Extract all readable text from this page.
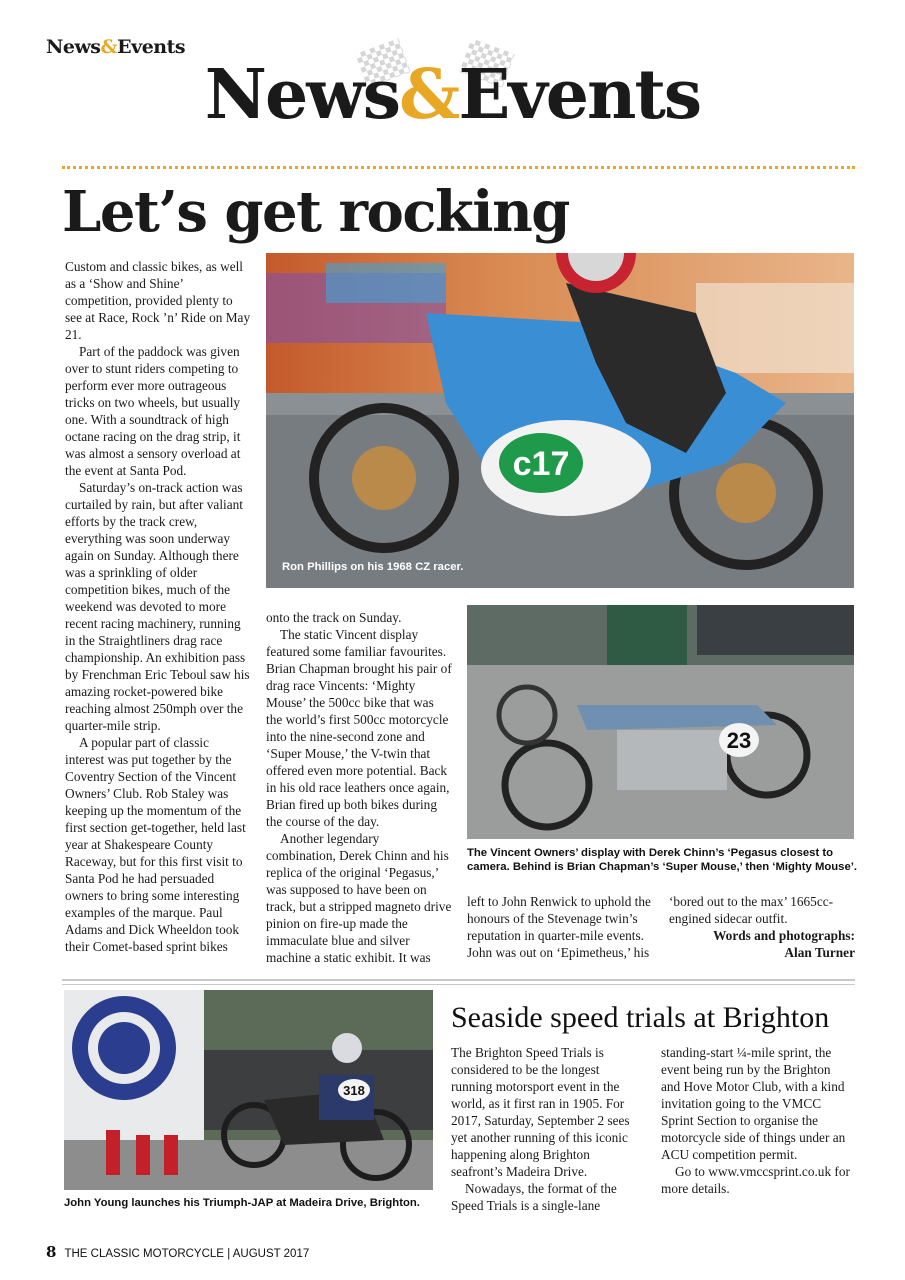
News&Events
News&Events
Let’s get rocking

Custom and classic bikes, as well as a ‘Show and Shine’ competition, provided plenty to see at Race, Rock ’n’ Ride on May 21.

Part of the paddock was given over to stunt riders competing to perform ever more outrageous tricks on two wheels, but usually one. With a soundtrack of high octane racing on the drag strip, it was almost a sensory overload at the event at Santa Pod.

Saturday’s on-track action was curtailed by rain, but after valiant efforts by the track crew, everything was soon underway again on Sunday. Although there was a sprinkling of older competition bikes, much of the weekend was devoted to more recent racing machinery, running in the Straightliners drag race championship. An exhibition pass by Frenchman Eric Teboul saw his amazing rocket-powered bike reaching almost 250mph over the quarter-mile strip.

A popular part of classic interest was put together by the Coventry Section of the Vincent Owners’ Club. Rob Staley was keeping up the momentum of the first section get-together, held last year at Shakespeare County Raceway, but for this first visit to Santa Pod he had persuaded owners to bring some interesting examples of the marque. Paul Adams and Dick Wheeldon took their Comet-based sprint bikes

c17
Ron Phillips on his 1968 CZ racer.

onto the track on Sunday.

The static Vincent display featured some familiar favourites. Brian Chapman brought his pair of drag race Vincents: ‘Mighty Mouse’ the 500cc bike that was the world’s first 500cc motorcycle into the nine-second zone and ‘Super Mouse,’ the V-twin that offered even more potential. Back in his old race leathers once again, Brian fired up both bikes during the course of the day.

Another legendary combination, Derek Chinn and his replica of the original ‘Pegasus,’ was supposed to have been on track, but a stripped magneto drive pinion on fire-up made the immaculate blue and silver machine a static exhibit. It was

23
The Vincent Owners’ display with Derek Chinn’s ‘Pegasus closest to camera. Behind is Brian Chapman’s ‘Super Mouse,’ then ‘Mighty Mouse’.

left to John Renwick to uphold the honours of the Stevenage twin’s reputation in quarter-mile events. John was out on ‘Epimetheus,’ his

‘bored out to the max’ 1665cc-engined sidecar outfit.

Words and photographs:
Alan Turner
318
John Young launches his Triumph-JAP at Madeira Drive, Brighton.
Seaside speed trials at Brighton

The Brighton Speed Trials is considered to be the longest running motorsport event in the world, as it first ran in 1905. For 2017, Saturday, September 2 sees yet another running of this iconic happening along Brighton seafront’s Madeira Drive.

Nowadays, the format of the Speed Trials is a single-lane

standing-start ¼-mile sprint, the event being run by the Brighton and Hove Motor Club, with a kind invitation going to the VMCC Sprint Section to organise the motorcycle side of things under an ACU competition permit.

Go to www.vmccsprint.co.uk for more details.

8 THE CLASSIC MOTORCYCLE | AUGUST 2017
